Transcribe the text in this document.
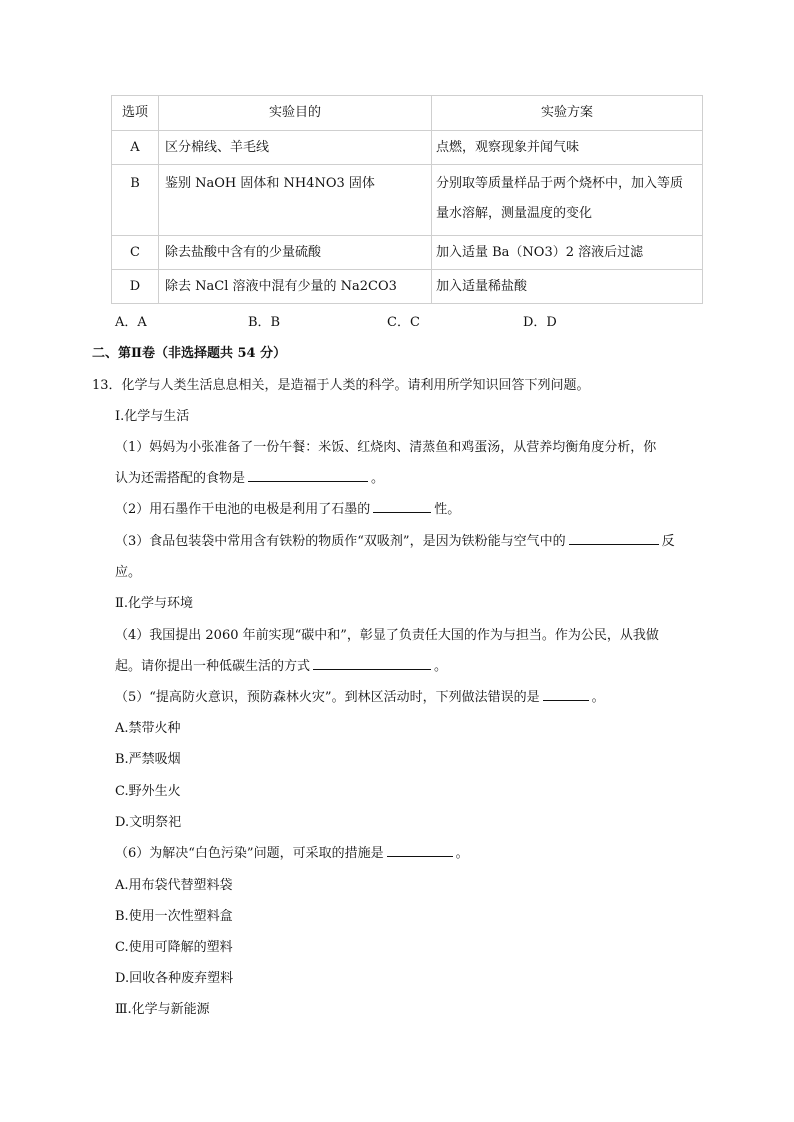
选项	实验目的	实验方案
A	区分棉线、羊毛线	点燃，观察现象并闻气味
B	鉴别 NaOH 固体和 NH4NO3 固体	分别取等质量样品于两个烧杯中，加入等质
量水溶解，测量温度的变化

C	除去盐酸中含有的少量硫酸	加入适量 Ba（NO3）2 溶液后过滤
D	除去 NaCl 溶液中混有少量的 Na2CO3	加入适量稀盐酸
A．A	B．B	C．C	D．D
二、第Ⅱ卷（非选择题共 54 分）
13．化学与人类生活息息相关，是造福于人类的科学。请利用所学知识回答下列问题。
Ⅰ.化学与生活
（1）妈妈为小张准备了一份午餐：米饭、红烧肉、清蒸鱼和鸡蛋汤，从营养均衡角度分析，你
认为还需搭配的食物是	。
（2）用石墨作干电池的电极是利用了石墨的	性。
（3）食品包装袋中常用含有铁粉的物质作“双吸剂”，是因为铁粉能与空气中的	反
应。
Ⅱ.化学与环境
（4）我国提出 2060 年前实现“碳中和”，彰显了负责任大国的作为与担当。作为公民，从我做
起。请你提出一种低碳生活的方式	。
（5）“提高防火意识，预防森林火灾”。到林区活动时，下列做法错误的是	。
A.禁带火种
B.严禁吸烟
C.野外生火
D.文明祭祀
（6）为解决“白色污染”问题，可采取的措施是	。
A.用布袋代替塑料袋
B.使用一次性塑料盒
C.使用可降解的塑料
D.回收各种废弃塑料
Ⅲ.化学与新能源
